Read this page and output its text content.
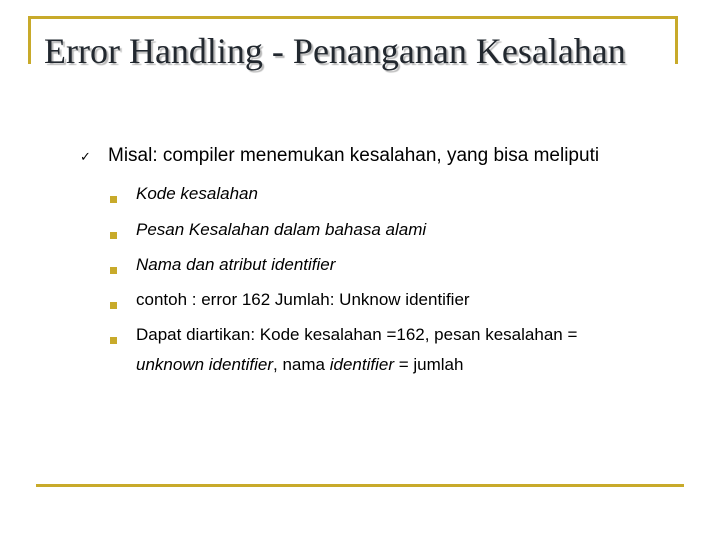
Error Handling - Penanganan Kesalahan
✓ Misal: compiler menemukan kesalahan, yang bisa meliputi
Kode kesalahan
Pesan Kesalahan dalam bahasa alami
Nama dan atribut identifier
contoh : error 162 Jumlah: Unknow identifier
Dapat diartikan: Kode kesalahan =162, pesan kesalahan =
unknown identifier, nama identifier = jumlah
